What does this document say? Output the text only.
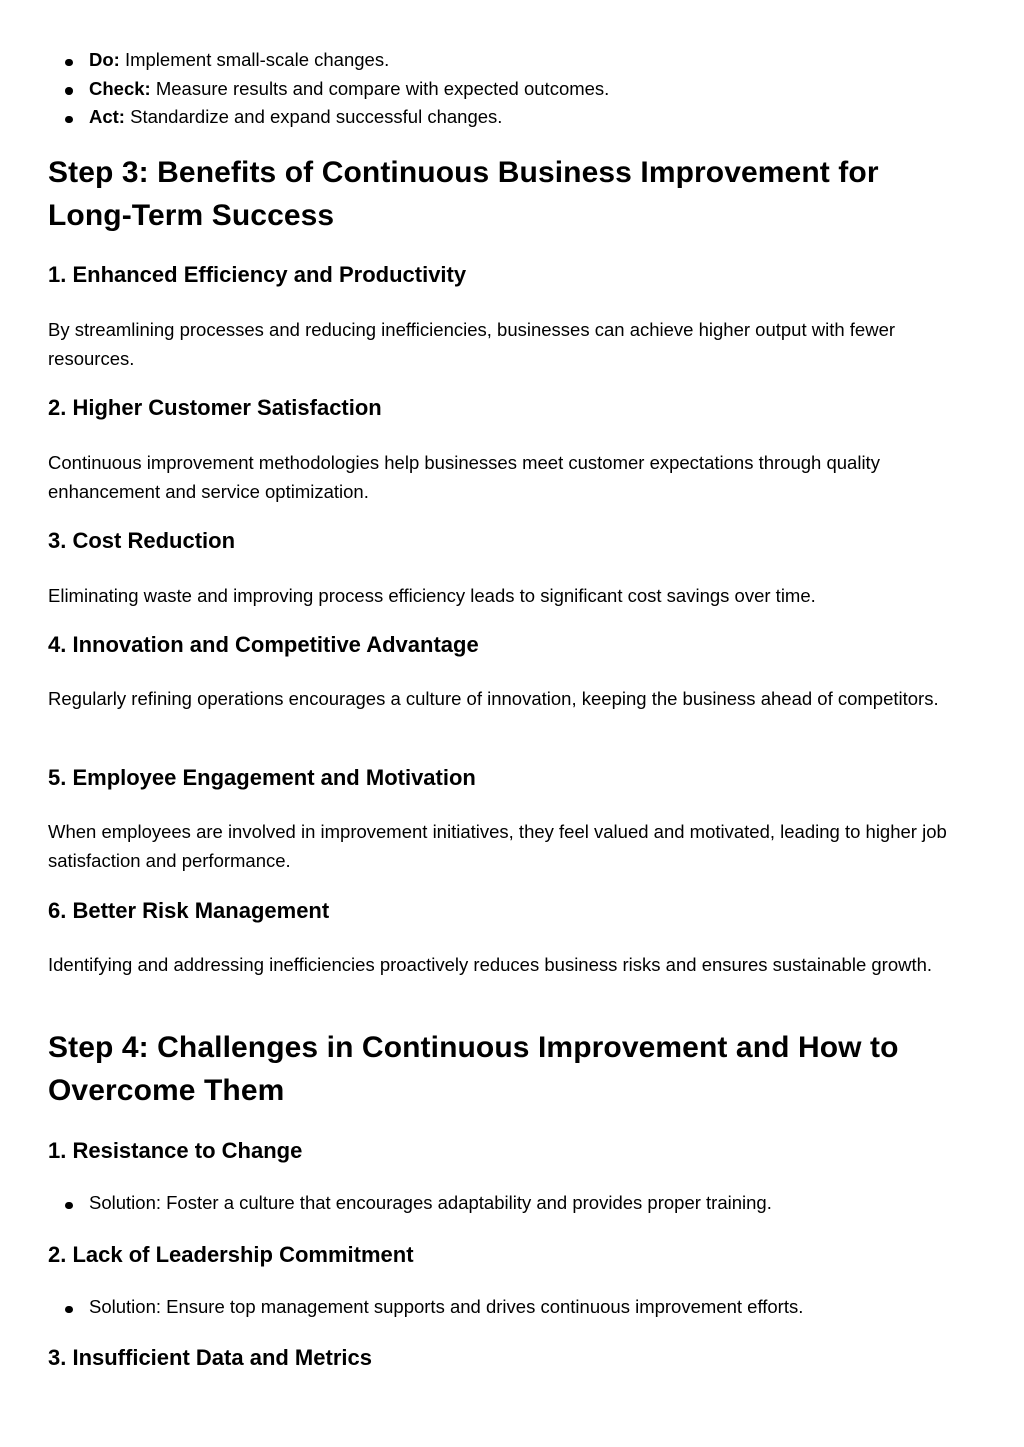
Do: Implement small-scale changes.
Check: Measure results and compare with expected outcomes.
Act: Standardize and expand successful changes.
Step 3: Benefits of Continuous Business Improvement for Long-Term Success
1. Enhanced Efficiency and Productivity

By streamlining processes and reducing inefficiencies, businesses can achieve higher output with fewer resources.

2. Higher Customer Satisfaction

Continuous improvement methodologies help businesses meet customer expectations through quality enhancement and service optimization.

3. Cost Reduction

Eliminating waste and improving process efficiency leads to significant cost savings over time.

4. Innovation and Competitive Advantage

Regularly refining operations encourages a culture of innovation, keeping the business ahead of competitors.

5. Employee Engagement and Motivation

When employees are involved in improvement initiatives, they feel valued and motivated, leading to higher job satisfaction and performance.

6. Better Risk Management

Identifying and addressing inefficiencies proactively reduces business risks and ensures sustainable growth.

Step 4: Challenges in Continuous Improvement and How to Overcome Them
1. Resistance to Change
Solution: Foster a culture that encourages adaptability and provides proper training.
2. Lack of Leadership Commitment
Solution: Ensure top management supports and drives continuous improvement efforts.
3. Insufficient Data and Metrics
